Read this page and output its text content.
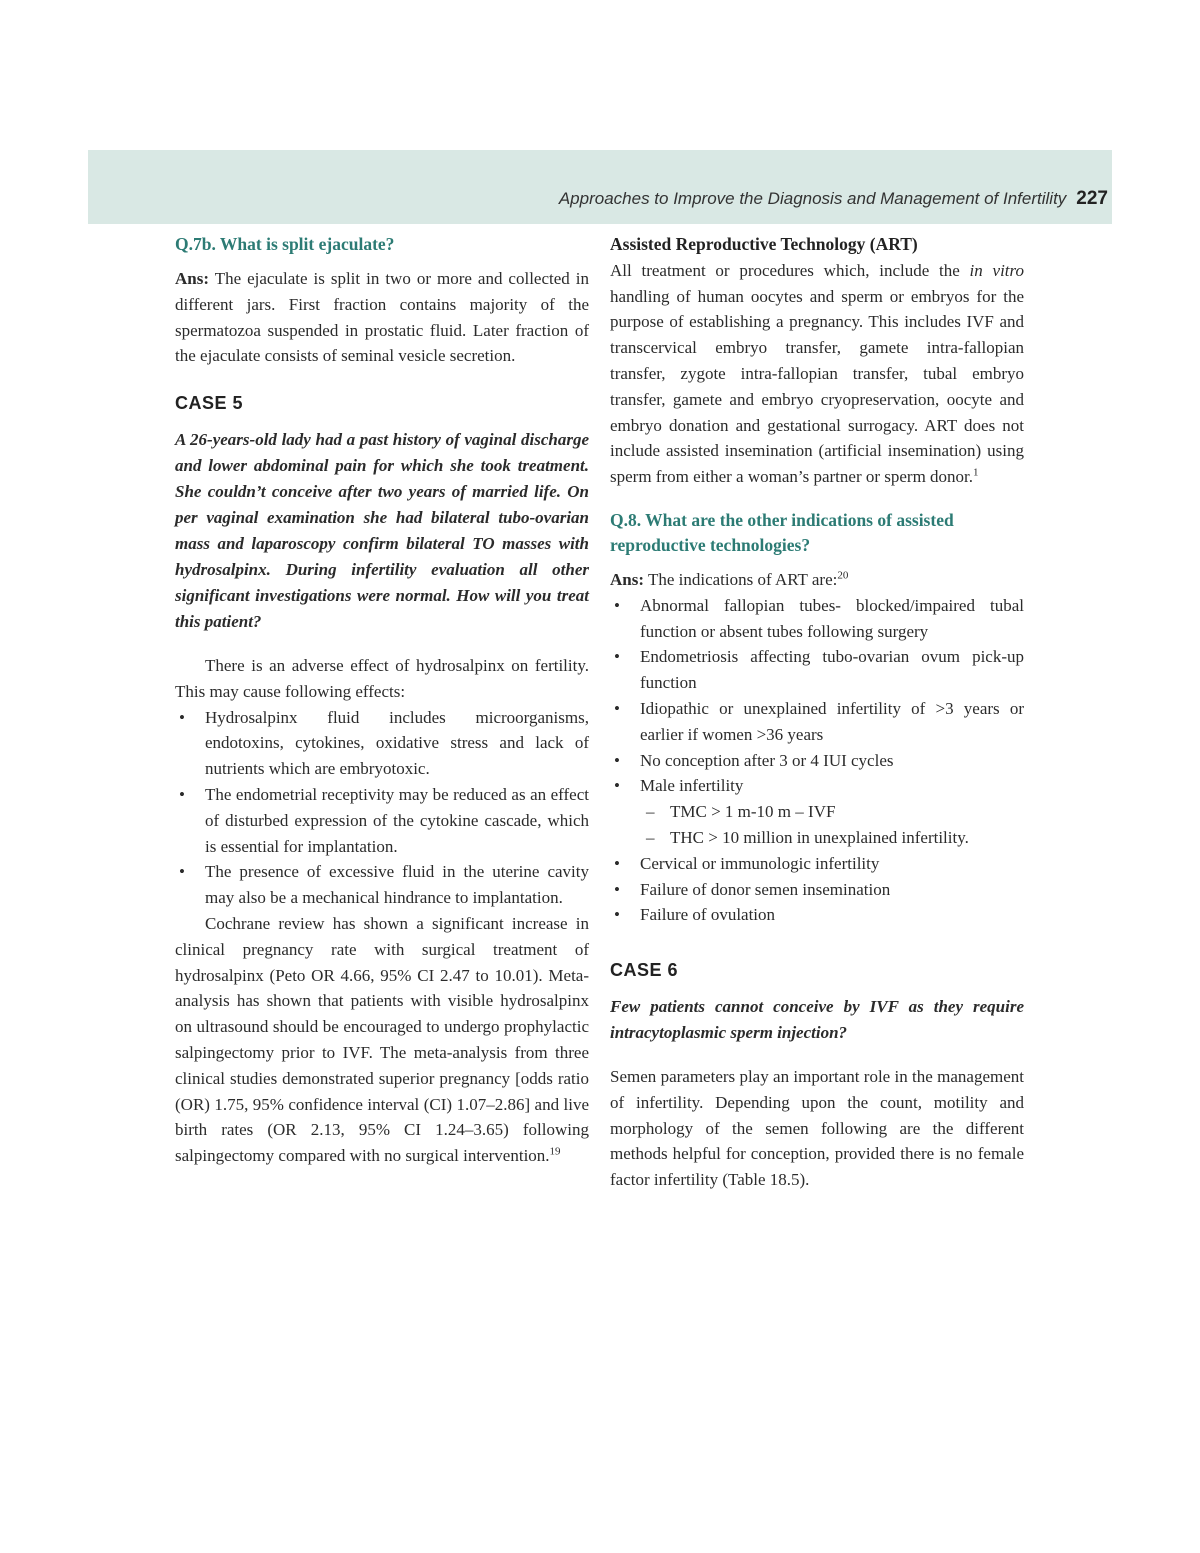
Approaches to Improve the Diagnosis and Management of Infertility 227
Q.7b. What is split ejaculate?

Ans: The ejaculate is split in two or more and collected in different jars. First fraction contains majority of the spermatozoa suspended in prostatic fluid. Later fraction of the ejaculate consists of seminal vesicle secretion.

CASE 5

A 26-years-old lady had a past history of vaginal discharge and lower abdominal pain for which she took treatment. She couldn’t conceive after two years of married life. On per vaginal examination she had bilateral tubo-ovarian mass and laparoscopy confirm bilateral TO masses with hydrosalpinx. During infertility evaluation all other significant investigations were normal. How will you treat this patient?

There is an adverse effect of hydrosalpinx on fertility. This may cause following effects:

• Hydrosalpinx fluid includes microorganisms, endotoxins, cytokines, oxidative stress and lack of nutrients which are embryotoxic.
• The endometrial receptivity may be reduced as an effect of disturbed expression of the cytokine cascade, which is essential for implantation.
• The presence of excessive fluid in the uterine cavity may also be a mechanical hindrance to implantation.

Cochrane review has shown a significant increase in clinical pregnancy rate with surgical treatment of hydrosalpinx (Peto OR 4.66, 95% CI 2.47 to 10.01). Meta-analysis has shown that patients with visible hydrosalpinx on ultrasound should be encouraged to undergo prophylactic salpingectomy prior to IVF. The meta-analysis from three clinical studies demonstrated superior pregnancy [odds ratio (OR) 1.75, 95% confidence interval (CI) 1.07–2.86] and live birth rates (OR 2.13, 95% CI 1.24–3.65) following salpingectomy compared with no surgical intervention.$^{19}$

Assisted Reproductive Technology (ART)

All treatment or procedures which, include the in vitro handling of human oocytes and sperm or embryos for the purpose of establishing a pregnancy. This includes IVF and transcervical embryo transfer, gamete intra-fallopian transfer, zygote intra-fallopian transfer, tubal embryo transfer, gamete and embryo cryopreservation, oocyte and embryo donation and gestational surrogacy. ART does not include assisted insemination (artificial insemination) using sperm from either a woman’s partner or sperm donor.$^1$

Q.8. What are the other indications of assisted reproductive technologies?

Ans: The indications of ART are:$^{20}$

• Abnormal fallopian tubes- blocked/impaired tubal function or absent tubes following surgery
• Endometriosis affecting tubo-ovarian ovum pick-up function
• Idiopathic or unexplained infertility of >3 years or earlier if women >36 years
• No conception after 3 or 4 IUI cycles
• Male infertility
– TMC > 1 m-10 m – IVF
– THC > 10 million in unexplained infertility.
• Cervical or immunologic infertility
• Failure of donor semen insemination
• Failure of ovulation
CASE 6

Few patients cannot conceive by IVF as they require intracytoplasmic sperm injection?

Semen parameters play an important role in the management of infertility. Depending upon the count, motility and morphology of the semen following are the different methods helpful for conception, provided there is no female factor infertility (Table 18.5).
